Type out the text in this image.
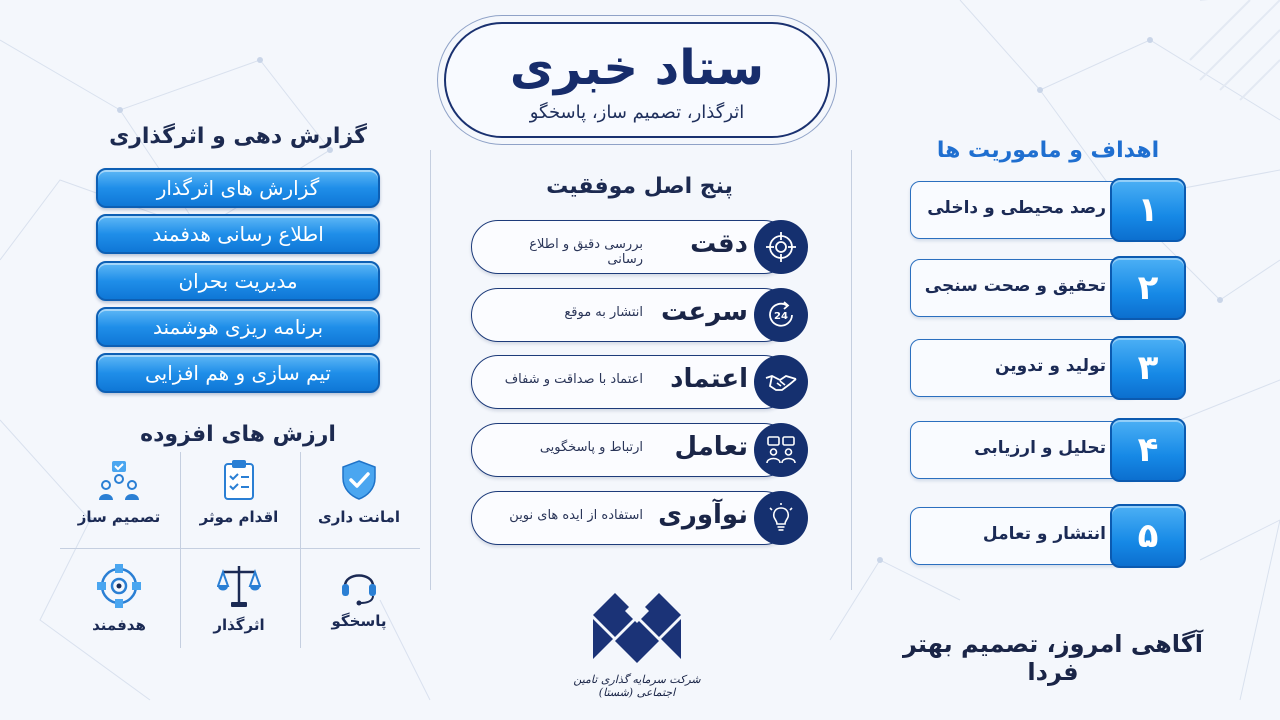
ستاد خبری
اثرگذار، تصمیم ساز، پاسخگو
گزارش دهی و اثرگذاری
گزارش های اثرگذار
اطلاع رسانی هدفمند
مدیریت بحران
برنامه ریزی هوشمند
تیم سازی و هم افزایی
ارزش های افزوده
امانت داری
اقدام موثر
تصمیم ساز
پاسخگو
اثرگذار
هدفمند
پنج اصل موفقیت
دقت
بررسی دقیق و اطلاع رسانی
سرعت
انتشار به موقع	24
اعتماد
اعتماد با صداقت و شفاف
تعامل
ارتباط و پاسخگویی
نوآوری
استفاده از ایده های نوین
شرکت سرمایه گذاری تامین اجتماعی (شستا)
اهداف و ماموریت ها
رصد محیطی و داخلی ۱
تحقیق و صحت سنجی ۲
تولید و تدوین ۳
تحلیل و ارزیابی ۴
انتشار و تعامل ۵
آگاهی امروز، تصمیم بهتر فردا
